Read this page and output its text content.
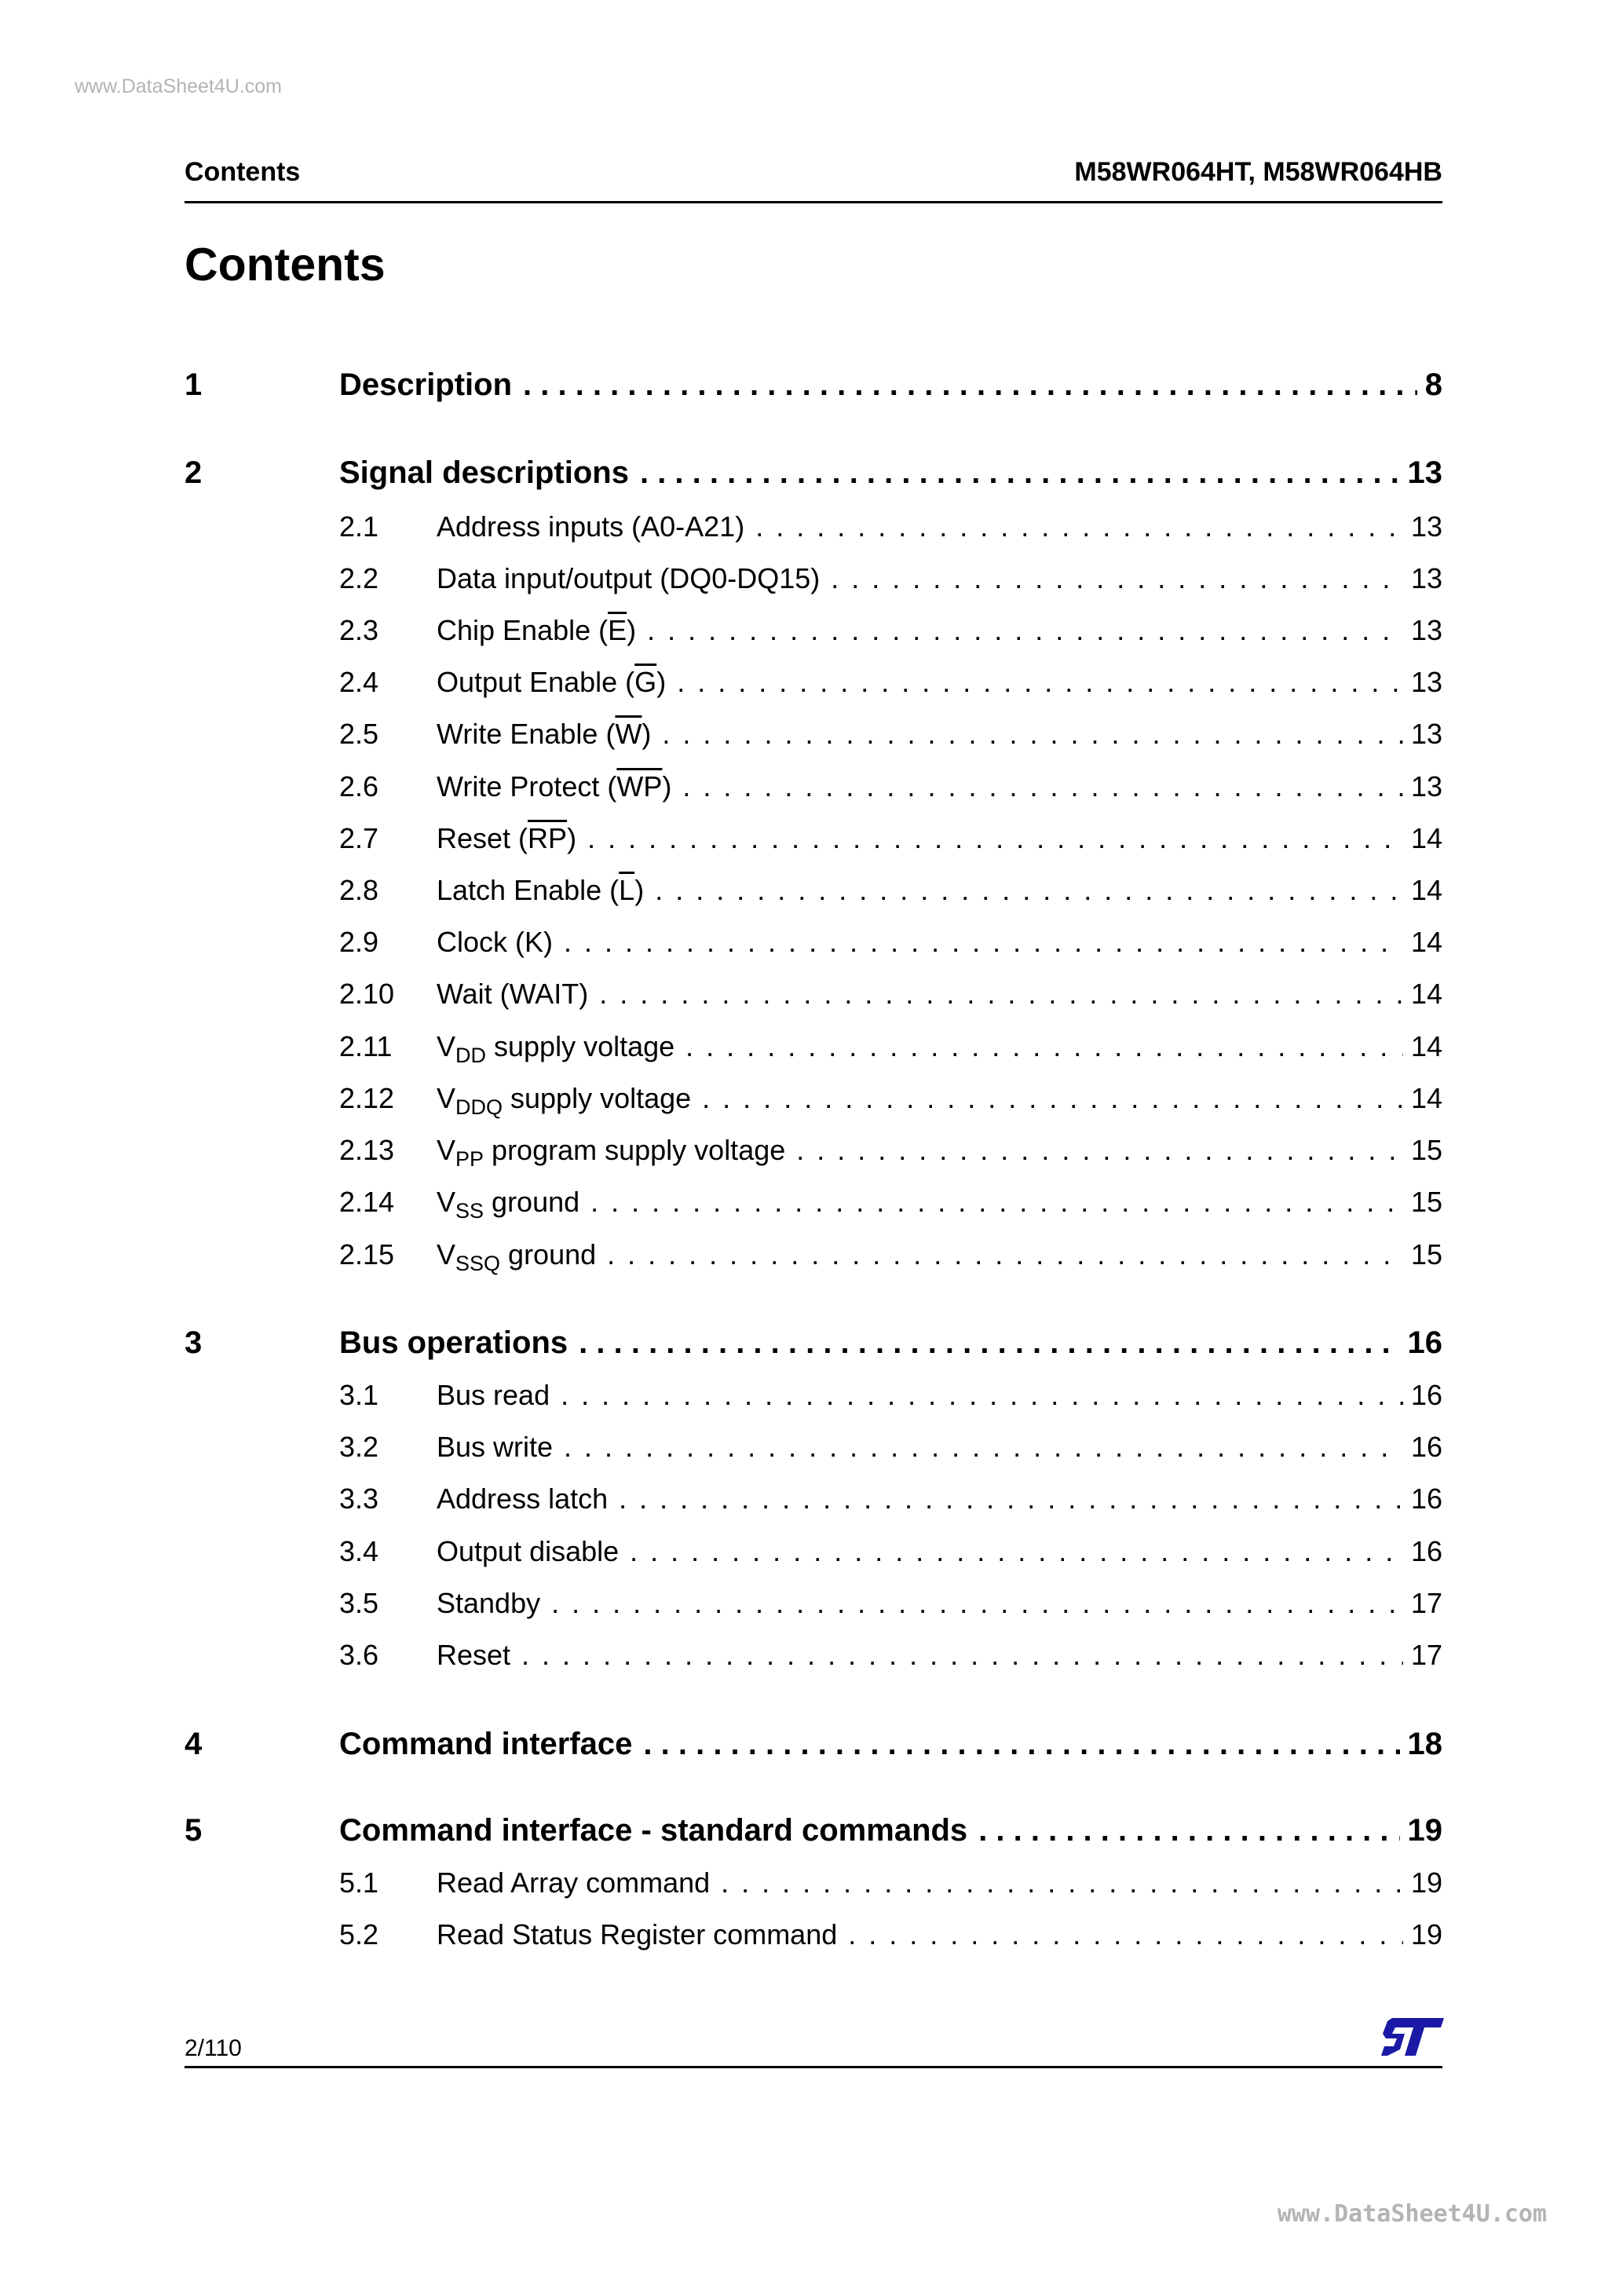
www.DataSheet4U.com
Contents	M58WR064HT, M58WR064HB
Contents
1	Description . . .	8
2	Signal descriptions . . .	13
2.1 Address inputs (A0-A21) . . .	13
2.2 Data input/output (DQ0-DQ15) . . .	13
2.3 Chip Enable $(\overline{E})$ . . .	13
2.4 Output Enable $(\overline{G})$ . . .	13
2.5 Write Enable $(\overline{W})$ . . .	13
2.6 Write Protect $(\overline{WP})$ . . .	13
2.7 Reset $(\overline{RP})$ . . .	14
2.8 Latch Enable $(\overline{L})$ . . .	14
2.9 Clock (K) . . .	14
2.10 Wait (WAIT) . . .	14
2.11 $V_{DD}$ supply voltage . . .	14
2.12 $V_{DDQ}$ supply voltage . . .	14
2.13 $V_{PP}$ program supply voltage . . .	15
2.14 $V_{SS}$ ground . . .	15
2.15 $V_{SSQ}$ ground . . .	15
3	Bus operations . . .	16
3.1 Bus read . . .	16
3.2 Bus write . . .	16
3.3 Address latch . . .	16
3.4 Output disable . . .	16
3.5 Standby . . .	17
3.6 Reset . . .	17
4	Command interface . . .	18
5	Command interface - standard commands . . .	19
5.1 Read Array command . . .	19
5.2 Read Status Register command . . .	19
2/110
www.DataSheet4U.com
